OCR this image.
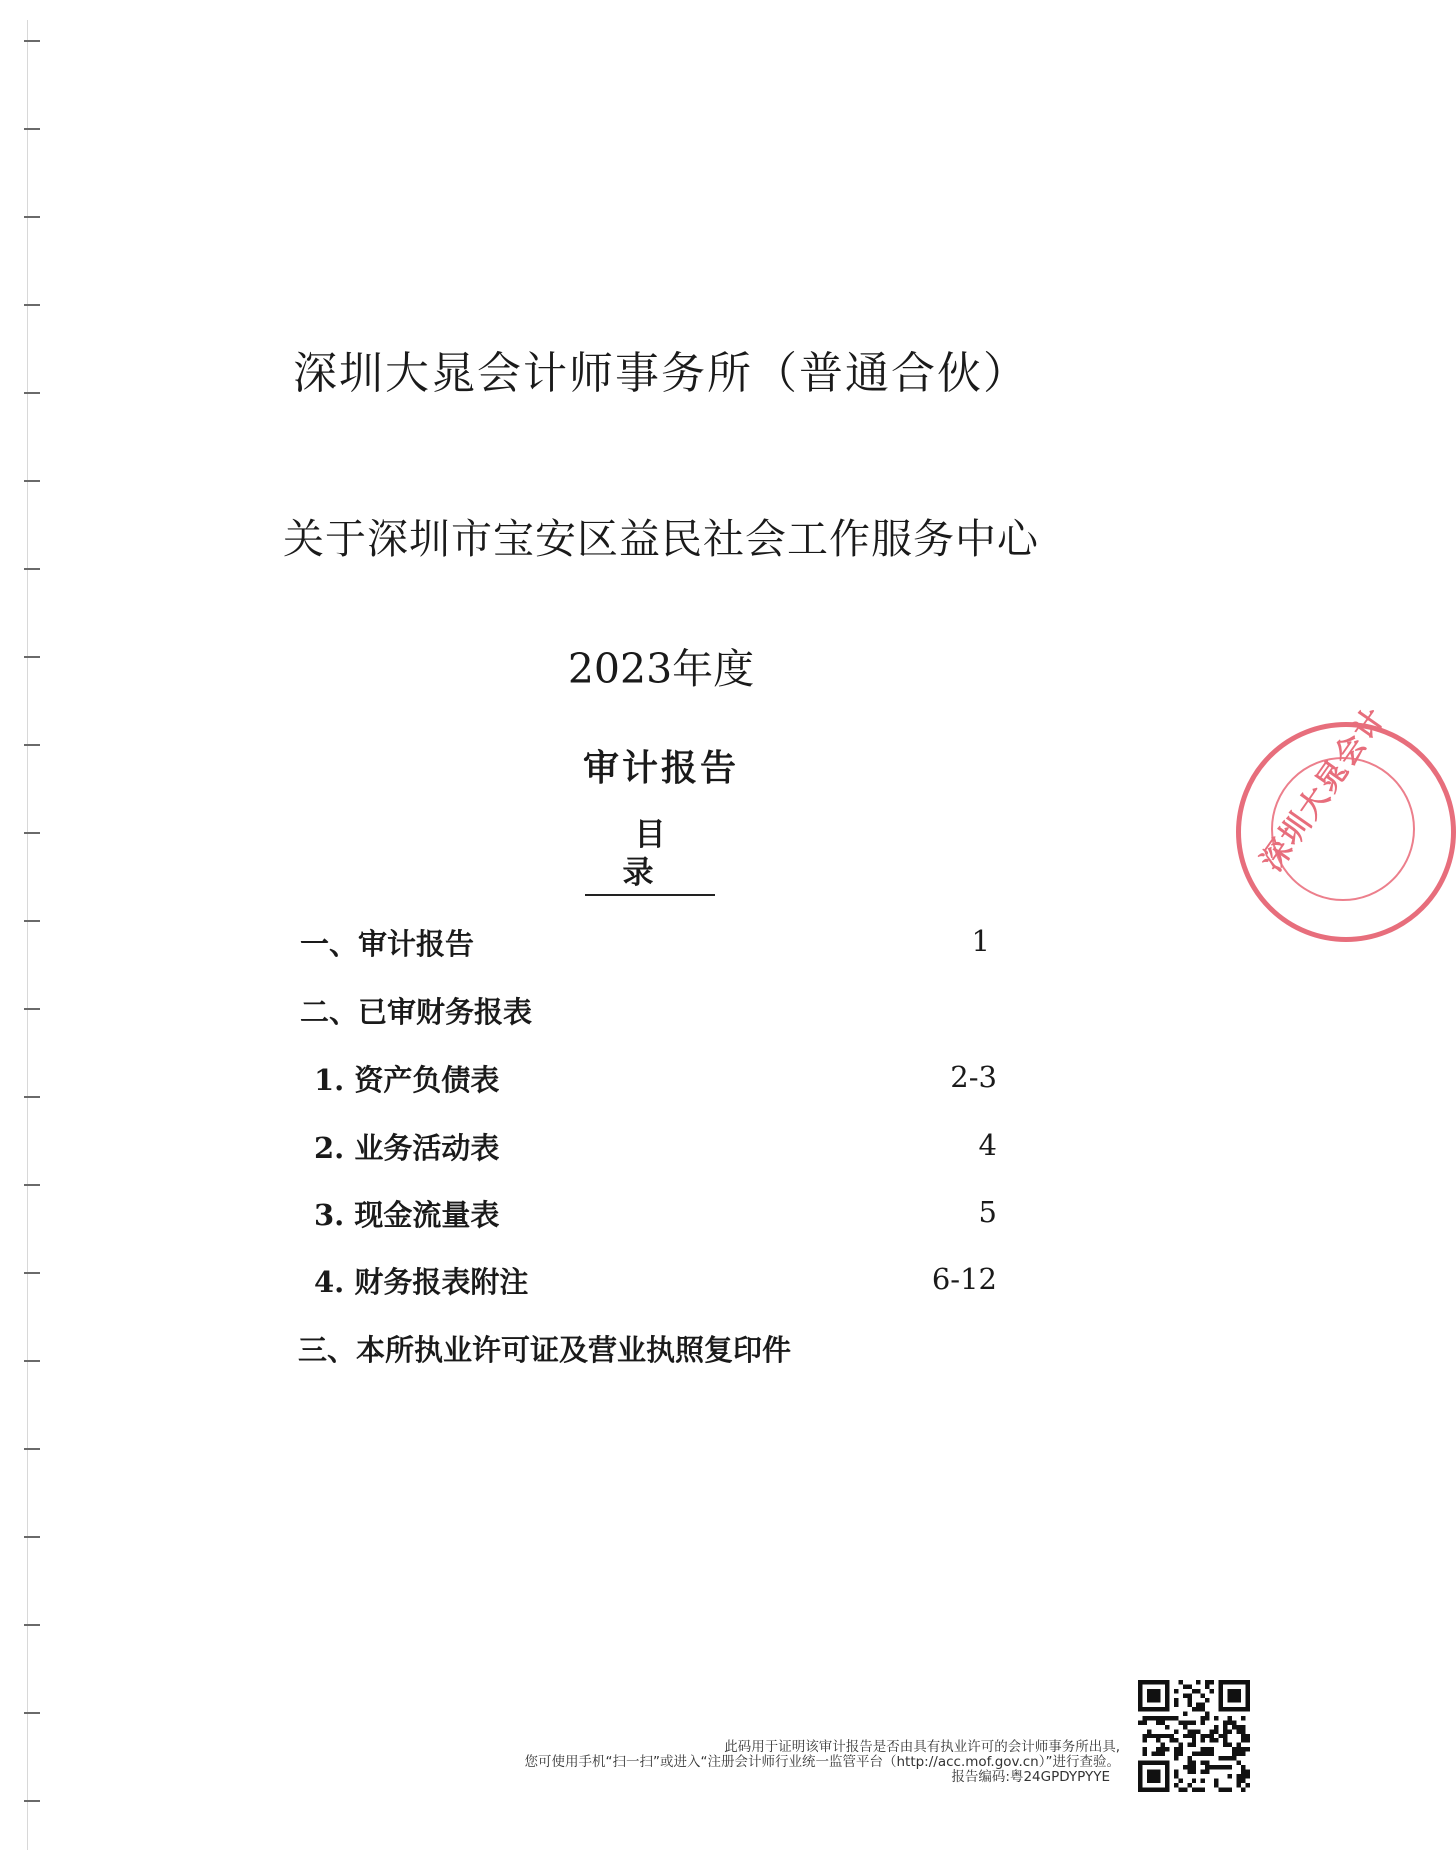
深圳大晁会计师事务所（普通合伙）
关于深圳市宝安区益民社会工作服务中心
2023年度
审计报告
目录
一、审计报告	1
二、已审财务报表
1. 资产负债表	2-3
2. 业务活动表	4
3. 现金流量表	5
4. 财务报表附注	6-12
三、本所执业许可证及营业执照复印件
深圳大晁会计
此码用于证明该审计报告是否由具有执业许可的会计师事务所出具,
您可使用手机“扫一扫”或进入“注册会计师行业统一监管平台（http://acc.mof.gov.cn）”进行查验。
报告编码:粤24GPDYPYYE
